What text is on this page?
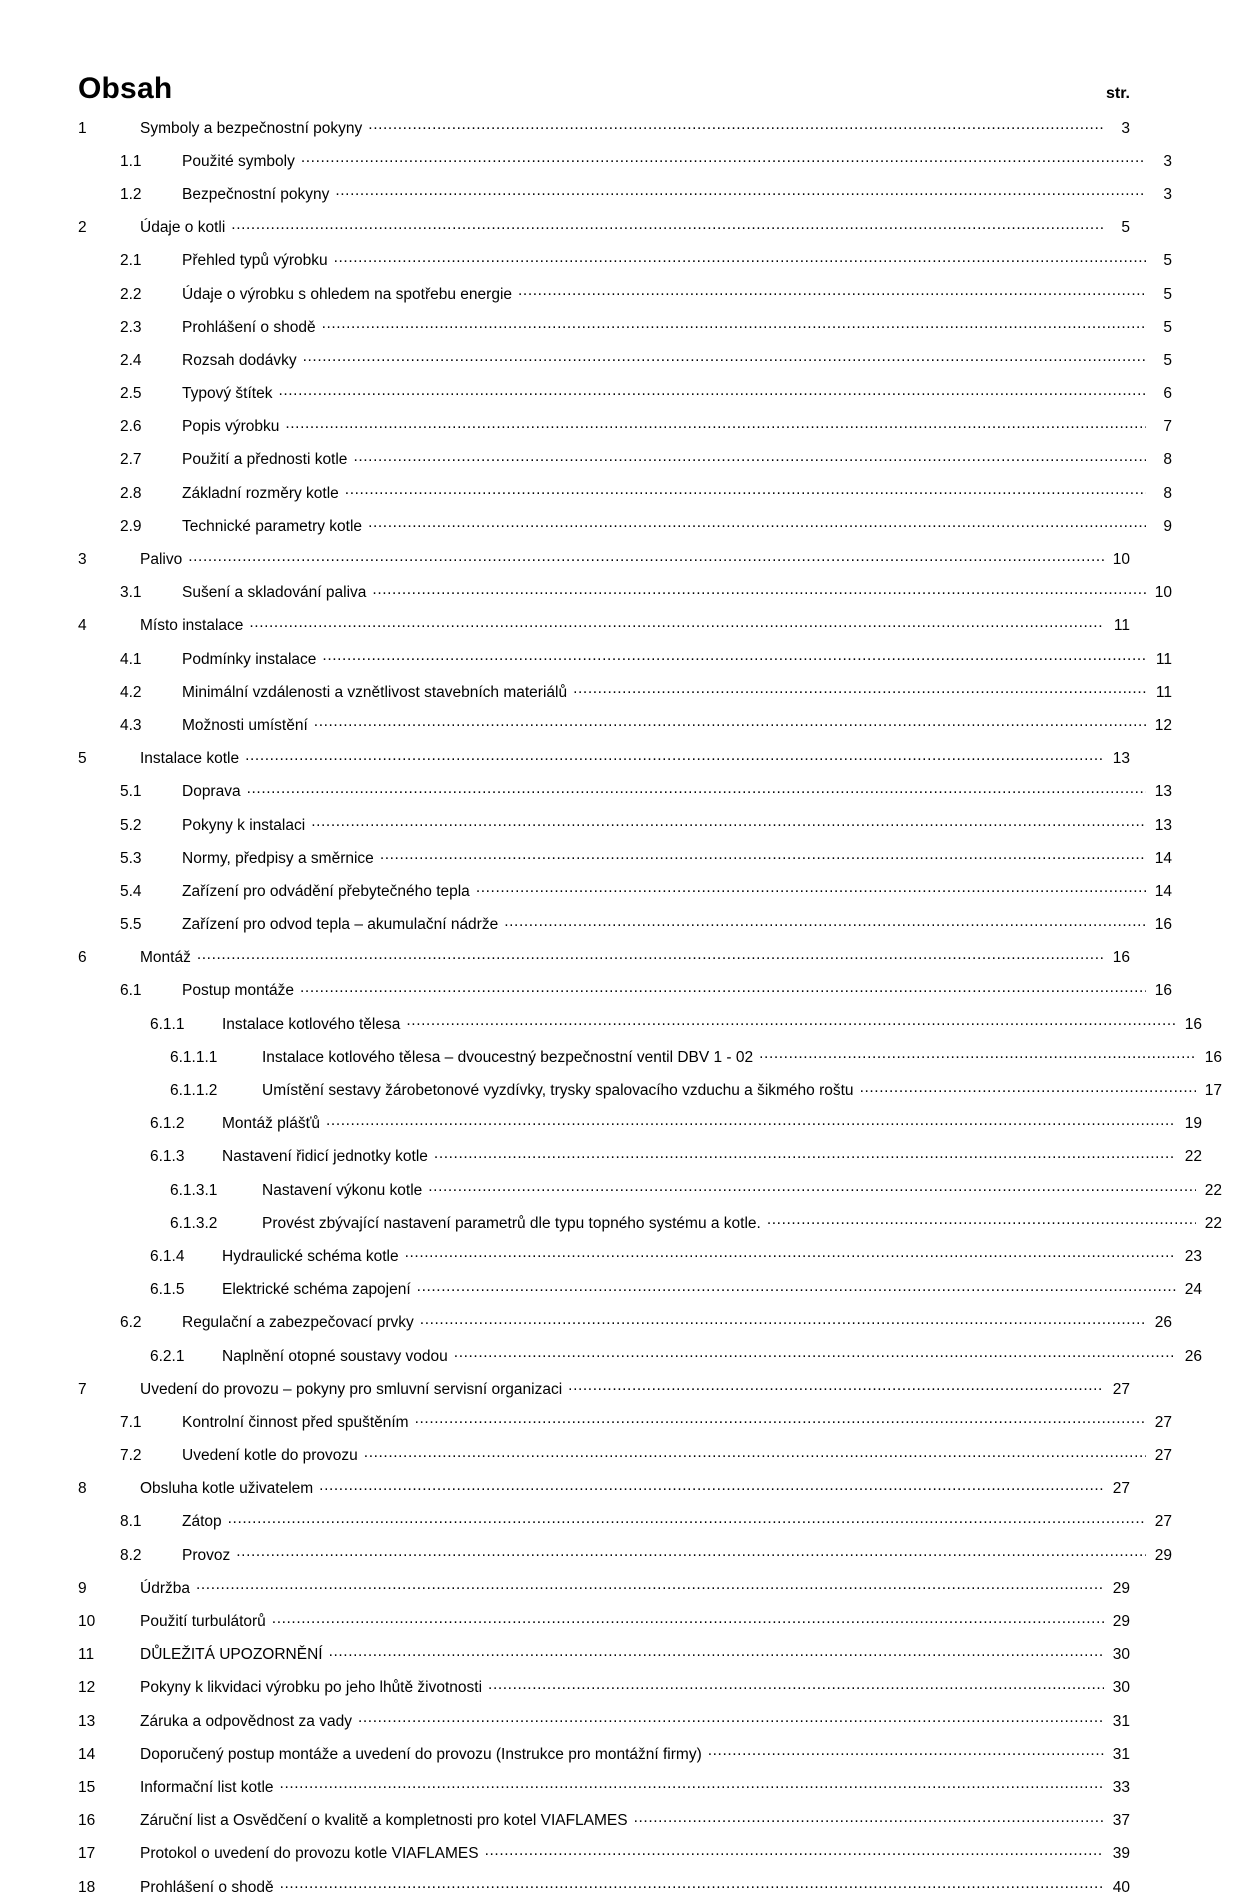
Obsah	str.
1	Symboly a bezpečnostní pokyny .....	3
1.1	Použité symboly .....	3
1.2	Bezpečnostní pokyny .....	3
2	Údaje o kotli .....	5
2.1	Přehled typů výrobku .....	5
2.2	Údaje o výrobku s ohledem na spotřebu energie .....	5
2.3	Prohlášení o shodě .....	5
2.4	Rozsah dodávky .....	5
2.5	Typový štítek .....	6
2.6	Popis výrobku .....	7
2.7	Použití a přednosti kotle .....	8
2.8	Základní rozměry kotle .....	8
2.9	Technické parametry kotle .....	9
3	Palivo .....	10
3.1	Sušení a skladování paliva .....	10
4	Místo instalace .....	11
4.1	Podmínky instalace .....	11
4.2	Minimální vzdálenosti a vznětlivost stavebních materiálů .....	11
4.3	Možnosti umístění .....	12
5	Instalace kotle .....	13
5.1	Doprava .....	13
5.2	Pokyny k instalaci .....	13
5.3	Normy, předpisy a směrnice .....	14
5.4	Zařízení pro odvádění přebytečného tepla .....	14
5.5	Zařízení pro odvod tepla – akumulační nádrže .....	16
6	Montáž .....	16
6.1	Postup montáže .....	16
6.1.1	Instalace kotlového tělesa .....	16
6.1.1.1	Instalace kotlového tělesa – dvoucestný bezpečnostní ventil DBV 1 - 02 .....	16
6.1.1.2	Umístění sestavy žárobetonové vyzdívky, trysky spalovacího vzduchu a šikmého roštu .....	17
6.1.2	Montáž plášťů .....	19
6.1.3	Nastavení řidicí jednotky kotle .....	22
6.1.3.1	Nastavení výkonu kotle .....	22
6.1.3.2	Provést zbývající nastavení parametrů dle typu topného systému a kotle. .....	22
6.1.4	Hydraulické schéma kotle .....	23
6.1.5	Elektrické schéma zapojení .....	24
6.2	Regulační a zabezpečovací prvky .....	26
6.2.1	Naplnění otopné soustavy vodou .....	26
7	Uvedení do provozu – pokyny pro smluvní servisní organizaci .....	27
7.1	Kontrolní činnost před spuštěním .....	27
7.2	Uvedení kotle do provozu .....	27
8	Obsluha kotle uživatelem .....	27
8.1	Zátop .....	27
8.2	Provoz .....	29
9	Údržba .....	29
10	Použití turbulátorů .....	29
11	DŮLEŽITÁ UPOZORNĚNÍ .....	30
12	Pokyny k likvidaci výrobku po jeho lhůtě životnosti .....	30
13	Záruka a odpovědnost za vady .....	31
14	Doporučený postup montáže a uvedení do provozu (Instrukce pro montážní firmy) .....	31
15	Informační list kotle .....	33
16	Záruční list a Osvědčení o kvalitě a kompletnosti pro kotel VIAFLAMES .....	37
17	Protokol o uvedení do provozu kotle VIAFLAMES .....	39
18	Prohlášení o shodě .....	40
